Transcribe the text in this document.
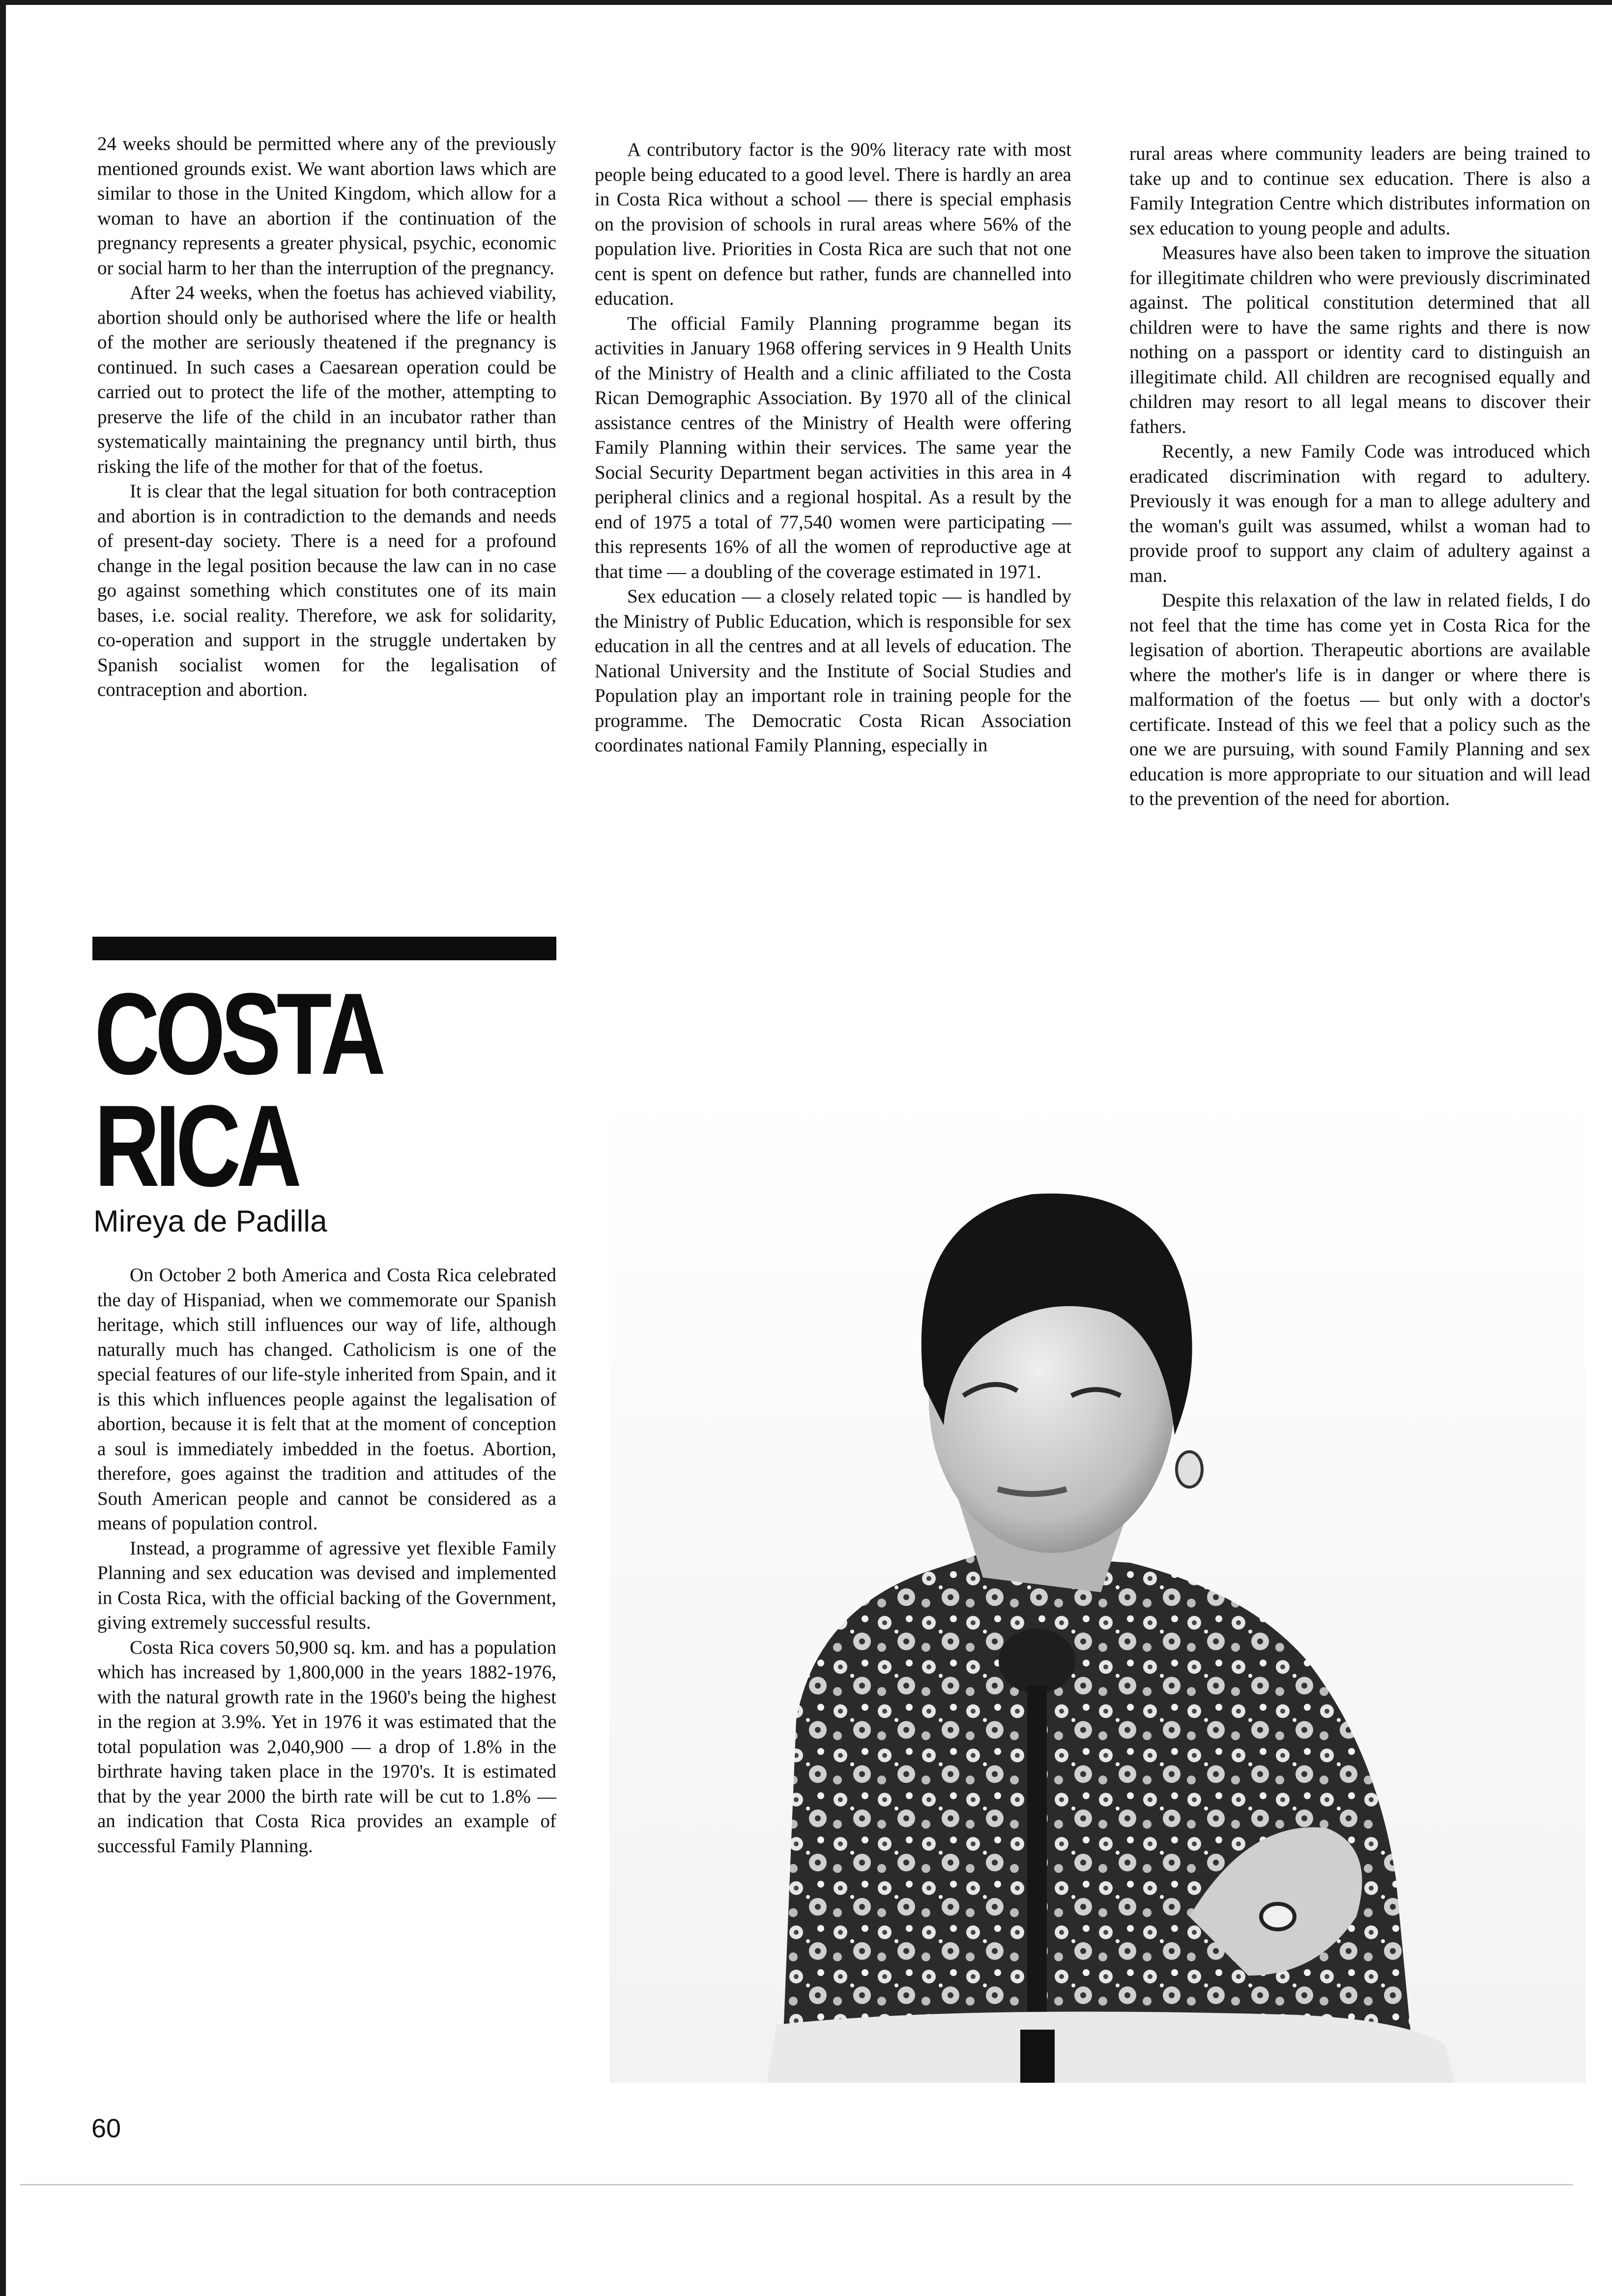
24 weeks should be permitted where any of the previously mentioned grounds exist. We want abortion laws which are similar to those in the United Kingdom, which allow for a woman to have an abortion if the continuation of the pregnancy represents a greater physical, psychic, economic or social harm to her than the interruption of the pregnancy.

After 24 weeks, when the foetus has achieved viability, abortion should only be authorised where the life or health of the mother are seriously theatened if the pregnancy is continued. In such cases a Caesarean operation could be carried out to protect the life of the mother, attempting to preserve the life of the child in an incubator rather than systematically maintaining the pregnancy until birth, thus risking the life of the mother for that of the foetus.

It is clear that the legal situation for both contraception and abortion is in contradiction to the demands and needs of present-day society. There is a need for a profound change in the legal position because the law can in no case go against something which constitutes one of its main bases, i.e. social reality. Therefore, we ask for solidarity, co-operation and support in the struggle undertaken by Spanish socialist women for the legalisation of contraception and abortion.

COSTA
RICA
Mireya de Padilla

On October 2 both America and Costa Rica celebrated the day of Hispaniad, when we commemorate our Spanish heritage, which still influences our way of life, although naturally much has changed. Catholicism is one of the special features of our life-style inherited from Spain, and it is this which influences people against the legalisation of abortion, because it is felt that at the moment of conception a soul is immediately imbedded in the foetus. Abortion, therefore, goes against the tradition and attitudes of the South American people and cannot be considered as a means of population control.

Instead, a programme of agressive yet flexible Family Planning and sex education was devised and implemented in Costa Rica, with the official backing of the Government, giving extremely successful results.

Costa Rica covers 50,900 sq. km. and has a population which has increased by 1,800,000 in the years 1882-1976, with the natural growth rate in the 1960's being the highest in the region at 3.9%. Yet in 1976 it was estimated that the total population was 2,040,900 — a drop of 1.8% in the birthrate having taken place in the 1970's. It is estimated that by the year 2000 the birth rate will be cut to 1.8% — an indication that Costa Rica provides an example of successful Family Planning.

A contributory factor is the 90% literacy rate with most people being educated to a good level. There is hardly an area in Costa Rica without a school — there is special emphasis on the provision of schools in rural areas where 56% of the population live. Priorities in Costa Rica are such that not one cent is spent on defence but rather, funds are channelled into education.

The official Family Planning programme began its activities in January 1968 offering services in 9 Health Units of the Ministry of Health and a clinic affiliated to the Costa Rican Demographic Association. By 1970 all of the clinical assistance centres of the Ministry of Health were offering Family Planning within their services. The same year the Social Security Department began activities in this area in 4 peripheral clinics and a regional hospital. As a result by the end of 1975 a total of 77,540 women were participating — this represents 16% of all the women of reproductive age at that time — a doubling of the coverage estimated in 1971.

Sex education — a closely related topic — is handled by the Ministry of Public Education, which is responsible for sex education in all the centres and at all levels of education. The National University and the Institute of Social Studies and Population play an important role in training people for the programme. The Democratic Costa Rican Association coordinates national Family Planning, especially in

rural areas where community leaders are being trained to take up and to continue sex education. There is also a Family Integration Centre which distributes information on sex education to young people and adults.

Measures have also been taken to improve the situation for illegitimate children who were previously discriminated against. The political constitution determined that all children were to have the same rights and there is now nothing on a passport or identity card to distinguish an illegitimate child. All children are recognised equally and children may resort to all legal means to discover their fathers.

Recently, a new Family Code was introduced which eradicated discrimination with regard to adultery. Previously it was enough for a man to allege adultery and the woman's guilt was assumed, whilst a woman had to provide proof to support any claim of adultery against a man.

Despite this relaxation of the law in related fields, I do not feel that the time has come yet in Costa Rica for the legisation of abortion. Therapeutic abortions are available where the mother's life is in danger or where there is malformation of the foetus — but only with a doctor's certificate. Instead of this we feel that a policy such as the one we are pursuing, with sound Family Planning and sex education is more appropriate to our situation and will lead to the prevention of the need for abortion.

60
